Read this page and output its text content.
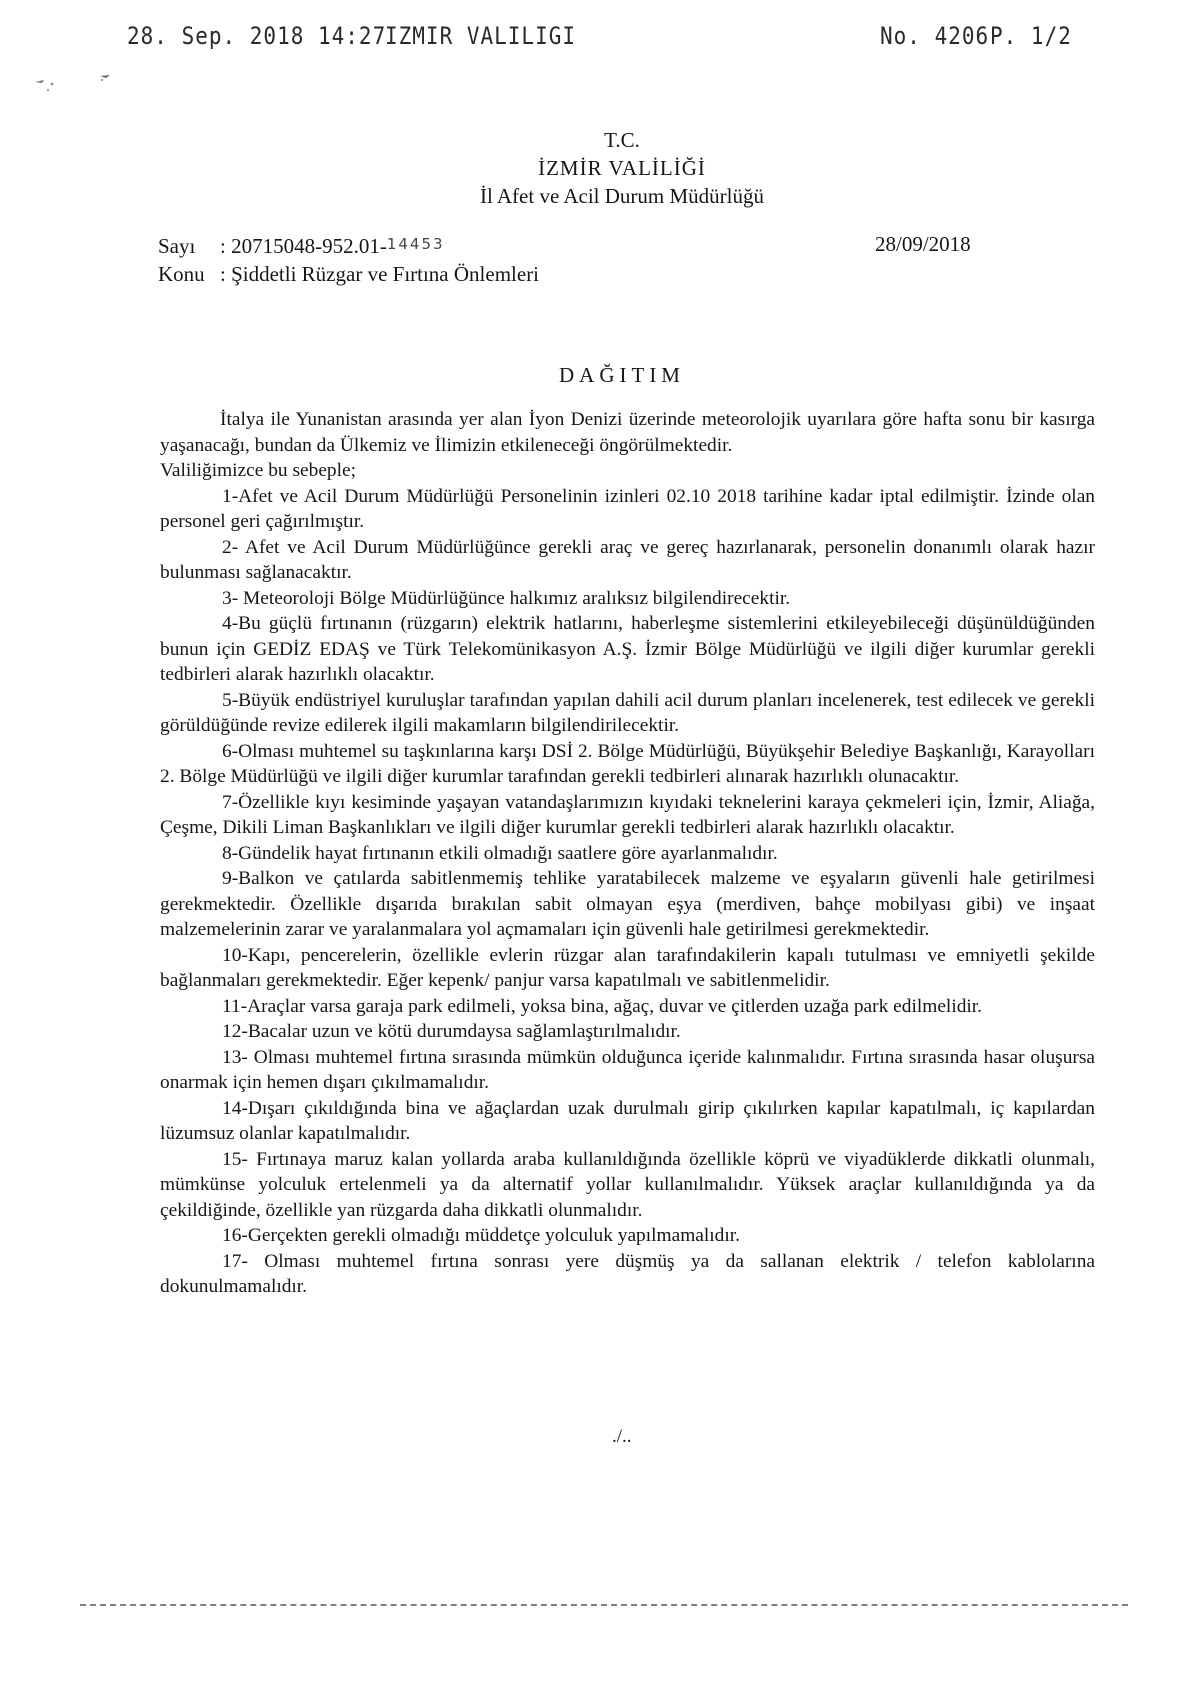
28. Sep. 2018 14:27
IZMIR VALILIGI	No. 4206 P. 1/2
T.C.
İZMİR VALİLİĞİ
İl Afet ve Acil Durum Müdürlüğü
Sayı : 20715048-952.01-14453
Konu : Şiddetli Rüzgar ve Fırtına Önlemleri
28/09/2018
DAĞITIM

İtalya ile Yunanistan arasında yer alan İyon Denizi üzerinde meteorolojik uyarılara göre hafta sonu bir kasırga yaşanacağı, bundan da Ülkemiz ve İlimizin etkileneceği öngörülmektedir.

Valiliğimizce bu sebeple;

1-Afet ve Acil Durum Müdürlüğü Personelinin izinleri 02.10 2018 tarihine kadar iptal edilmiştir. İzinde olan personel geri çağırılmıştır.

2- Afet ve Acil Durum Müdürlüğünce gerekli araç ve gereç hazırlanarak, personelin donanımlı olarak hazır bulunması sağlanacaktır.

3- Meteoroloji Bölge Müdürlüğünce halkımız aralıksız bilgilendirecektir.

4-Bu güçlü fırtınanın (rüzgarın) elektrik hatlarını, haberleşme sistemlerini etkileyebileceği düşünüldüğünden bunun için GEDİZ EDAŞ ve Türk Telekomünikasyon A.Ş. İzmir Bölge Müdürlüğü ve ilgili diğer kurumlar gerekli tedbirleri alarak hazırlıklı olacaktır.

5-Büyük endüstriyel kuruluşlar tarafından yapılan dahili acil durum planları incelenerek, test edilecek ve gerekli görüldüğünde revize edilerek ilgili makamların bilgilendirilecektir.

6-Olması muhtemel su taşkınlarına karşı DSİ 2. Bölge Müdürlüğü, Büyükşehir Belediye Başkanlığı, Karayolları 2. Bölge Müdürlüğü ve ilgili diğer kurumlar tarafından gerekli tedbirleri alınarak hazırlıklı olunacaktır.

7-Özellikle kıyı kesiminde yaşayan vatandaşlarımızın kıyıdaki teknelerini karaya çekmeleri için, İzmir, Aliağa, Çeşme, Dikili Liman Başkanlıkları ve ilgili diğer kurumlar gerekli tedbirleri alarak hazırlıklı olacaktır.

8-Gündelik hayat fırtınanın etkili olmadığı saatlere göre ayarlanmalıdır.

9-Balkon ve çatılarda sabitlenmemiş tehlike yaratabilecek malzeme ve eşyaların güvenli hale getirilmesi gerekmektedir. Özellikle dışarıda bırakılan sabit olmayan eşya (merdiven, bahçe mobilyası gibi) ve inşaat malzemelerinin zarar ve yaralanmalara yol açmamaları için güvenli hale getirilmesi gerekmektedir.

10-Kapı, pencerelerin, özellikle evlerin rüzgar alan tarafındakilerin kapalı tutulması ve emniyetli şekilde bağlanmaları gerekmektedir. Eğer kepenk/ panjur varsa kapatılmalı ve sabitlenmelidir.

11-Araçlar varsa garaja park edilmeli, yoksa bina, ağaç, duvar ve çitlerden uzağa park edilmelidir.

12-Bacalar uzun ve kötü durumdaysa sağlamlaştırılmalıdır.

13- Olması muhtemel fırtına sırasında mümkün olduğunca içeride kalınmalıdır. Fırtına sırasında hasar oluşursa onarmak için hemen dışarı çıkılmamalıdır.

14-Dışarı çıkıldığında bina ve ağaçlardan uzak durulmalı girip çıkılırken kapılar kapatılmalı, iç kapılardan lüzumsuz olanlar kapatılmalıdır.

15- Fırtınaya maruz kalan yollarda araba kullanıldığında özellikle köprü ve viyadüklerde dikkatli olunmalı, mümkünse yolculuk ertelenmeli ya da alternatif yollar kullanılmalıdır. Yüksek araçlar kullanıldığında ya da çekildiğinde, özellikle yan rüzgarda daha dikkatli olunmalıdır.

16-Gerçekten gerekli olmadığı müddetçe yolculuk yapılmamalıdır.

17- Olması muhtemel fırtına sonrası yere düşmüş ya da sallanan elektrik / telefon kablolarına dokunulmamalıdır.

./..
